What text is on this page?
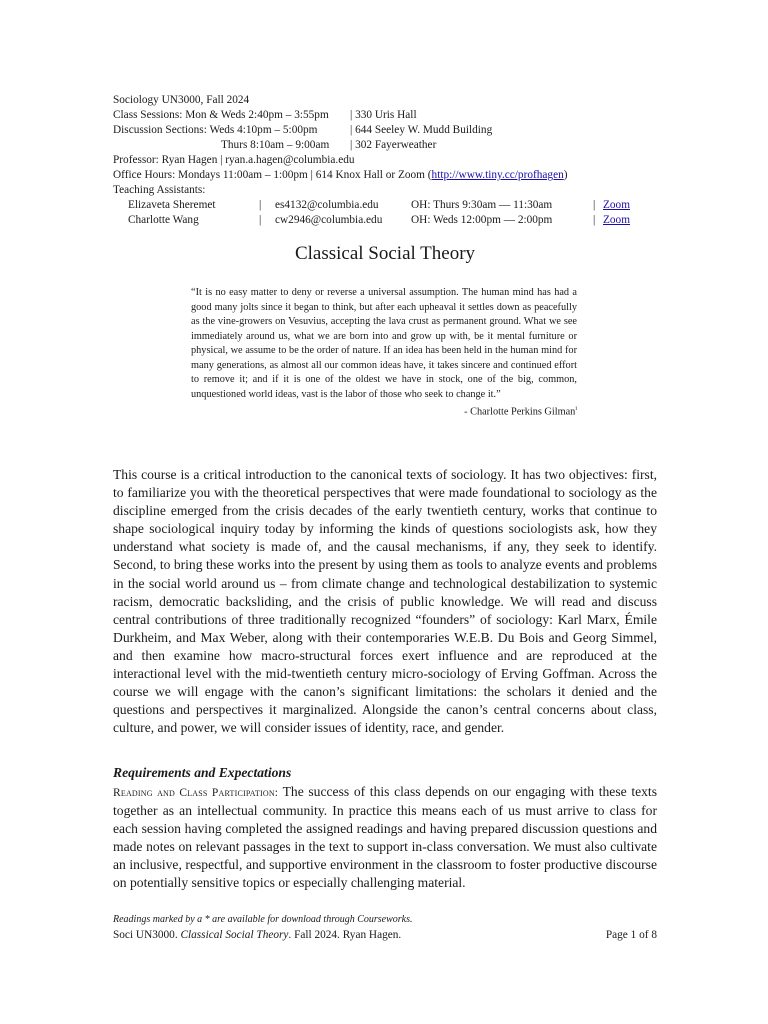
Sociology UN3000, Fall 2024
Class Sessions: Mon & Weds 2:40pm – 3:55pm | 330 Uris Hall
Discussion Sections: Weds 4:10pm – 5:00pm	| 644 Seeley W. Mudd Building
Thurs 8:10am – 9:00am | 302 Fayerweather
Professor: Ryan Hagen | ryan.a.hagen@columbia.edu
Office Hours: Mondays 11:00am – 1:00pm | 614 Knox Hall or Zoom (http://www.tiny.cc/profhagen)
Teaching Assistants:
Elizaveta Sheremet	| es4132@columbia.edu	OH: Thurs 9:30am — 11:30am	| Zoom
Charlotte Wang	| cw2946@columbia.edu	OH: Weds 12:00pm — 2:00pm	| Zoom
Classical Social Theory
“It is no easy matter to deny or reverse a universal assumption. The human mind has had a good many jolts since it began to think, but after each upheaval it settles down as peacefully as the vine-growers on Vesuvius, accepting the lava crust as permanent ground. What we see immediately around us, what we are born into and grow up with, be it mental furniture or physical, we assume to be the order of nature. If an idea has been held in the human mind for many generations, as almost all our common ideas have, it takes sincere and continued effort to remove it; and if it is one of the oldest we have in stock, one of the big, common, unquestioned world ideas, vast is the labor of those who seek to change it.”
- Charlotte Perkins Gilman$^i$

This course is a critical introduction to the canonical texts of sociology. It has two objectives: first, to familiarize you with the theoretical perspectives that were made foundational to sociology as the discipline emerged from the crisis decades of the early twentieth century, works that continue to shape sociological inquiry today by informing the kinds of questions sociologists ask, how they understand what society is made of, and the causal mechanisms, if any, they seek to identify. Second, to bring these works into the present by using them as tools to analyze events and problems in the social world around us – from climate change and technological destabilization to systemic racism, democratic backsliding, and the crisis of public knowledge. We will read and discuss central contributions of three traditionally recognized “founders” of sociology: Karl Marx, Émile Durkheim, and Max Weber, along with their contemporaries W.E.B. Du Bois and Georg Simmel, and then examine how macro-structural forces exert influence and are reproduced at the interactional level with the mid-twentieth century micro-sociology of Erving Goffman. Across the course we will engage with the canon’s significant limitations: the scholars it denied and the questions and perspectives it marginalized. Alongside the canon’s central concerns about class, culture, and power, we will consider issues of identity, race, and gender.

Requirements and Expectations

Reading and Class Participation: The success of this class depends on our engaging with these texts together as an intellectual community. In practice this means each of us must arrive to class for each session having completed the assigned readings and having prepared discussion questions and made notes on relevant passages in the text to support in-class conversation. We must also cultivate an inclusive, respectful, and supportive environment in the classroom to foster productive discourse on potentially sensitive topics or especially challenging material.

Readings marked by a * are available for download through Courseworks.
Soci UN3000. Classical Social Theory. Fall 2024. Ryan Hagen.	Page 1 of 8
